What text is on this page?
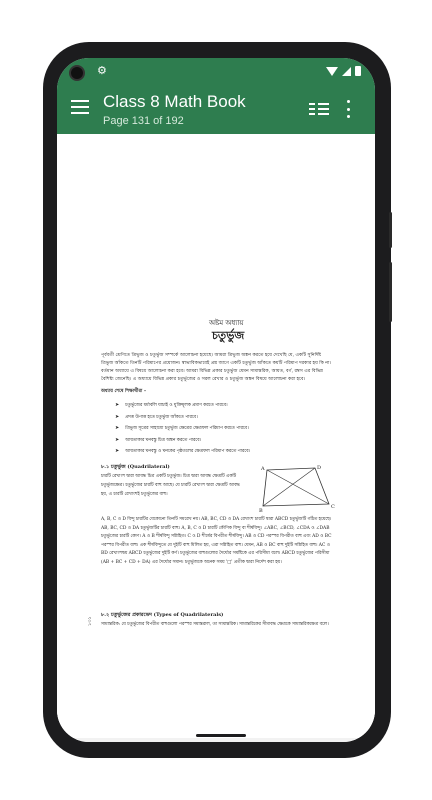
⚙
Class 8 Math Book
Page 131 of 192
অষ্টম অধ্যায়
চতুর্ভুজ
পূর্ববর্তী শ্রেণিতে ত্রিভুজ ও চতুর্ভুজ সম্পর্কে আলোচনা হয়েছে। আমরা ত্রিভুজ অঙ্কন করতে হয়ে দেখেছি যে, একটি সুনির্দিষ্ট ত্রিভুজ আঁকতে তিনটি পরিমাপের প্রয়োজন। স্বাভাবিকভাবেই প্রশ্ন জাগে একটি চতুর্ভুজ আঁকতে কয়টি পরিমাপ দরকার হয় কি না। বর্তমান অধ্যায়ে এ বিষয়ে আলোচনা করা হবে। আমরা বিভিন্ন প্রকার চতুর্ভুজ যেমন সামান্তরিক, আয়ত, বর্গ, রম্বস এর বিভিন্ন বৈশিষ্ট্য জেনেছি। এ অধ্যায়ে বিভিন্ন প্রকার চতুর্ভুজের ও সরল রেখার ও চতুর্ভুজ অঙ্কন বিষয়ে আলোচনা করা হবে।
অধ্যায় শেষে শিক্ষার্থীরা –
➤ চতুর্ভুজের ধর্মাবলি যাচাই ও যুক্তিমূলক প্রমাণ করতে পারবে।
➤ প্রদত্ত উপাত্ত হতে চতুর্ভুজ আঁকতে পারবে।
➤ ত্রিভুজ সূত্রের সাহায্যে চতুর্ভুজ ক্ষেত্রের ক্ষেত্রফল পরিমাপ করতে পারবে।
➤ আয়তাকার ঘনবস্তু চিত্র অঙ্কন করতে পারবে।
➤ আয়তাকার ঘনবস্তু ও ঘনকের পৃষ্ঠতলের ক্ষেত্রফল পরিমাপ করতে পারবে।
৮.১ চতুর্ভুজ (Quadrilateral)
চারটি রেখাংশ দ্বারা আবদ্ধ চিত্র একটি চতুর্ভুজ। চিত্র দ্বারা আবদ্ধ ক্ষেত্রটি একটি চতুর্ভুজক্ষেত্র। চতুর্ভুজের চারটি বাহু আছে। যে চারটি রেখাংশ দ্বারা ক্ষেত্রটি আবদ্ধ হয়, এ চারটি রেখাংশই চতুর্ভুজের বাহু।
A	D
C
B
A, B, C ও D বিন্দু চারটির যেকোনো তিনটি সমরেখ নয়। AB, BC, CD ও DA রেখাংশ চারটি দ্বারা ABCD চতুর্ভুজটি গঠিত হয়েছে। AB, BC, CD ও DA চতুর্ভুজটির চারটি বাহু। A, B, C ও D চারটি কৌণিক বিন্দু বা শীর্ষবিন্দু। ∠ABC, ∠BCD, ∠CDA ও ∠DAB চতুর্ভুজের চারটি কোণ। A ও B শীর্ষবিন্দু সন্নিহিত। C ও D শীর্ষের বিপরীত শীর্ষবিন্দু। AB ও CD পরস্পর বিপরীত বাহু এবং AD ও BC পরস্পর বিপরীত বাহু। এক শীর্ষবিন্দুতে যে দুইটি বাহু মিলিত হয়, এরা সন্নিহিত বাহু। যেমন, AB ও BC বাহু দুইটি সন্নিহিত বাহু। AC ও BD রেখাংশদ্বয় ABCD চতুর্ভুজের দুইটি কর্ণ। চতুর্ভুজের বাহুগুলোর দৈর্ঘ্যের সমষ্টিকে এর পরিসীমা বলে। ABCD চতুর্ভুজের পরিসীমা (AB + BC + CD + DA) এর দৈর্ঘ্যের সমান। চতুর্ভুজকে অনেক সময় '□' প্রতীক দ্বারা নির্দেশ করা হয়।
৮.২ চতুর্ভুজের প্রকারভেদ (Types of Quadrilaterals)
সামান্তরিক: যে চতুর্ভুজের বিপরীত বাহুগুলো পরস্পর সমান্তরাল, তা সামান্তরিক। সামান্তরিকের সীমাবদ্ধ ক্ষেত্রকে সামান্তরিকক্ষেত্র বলে।
১৩১
